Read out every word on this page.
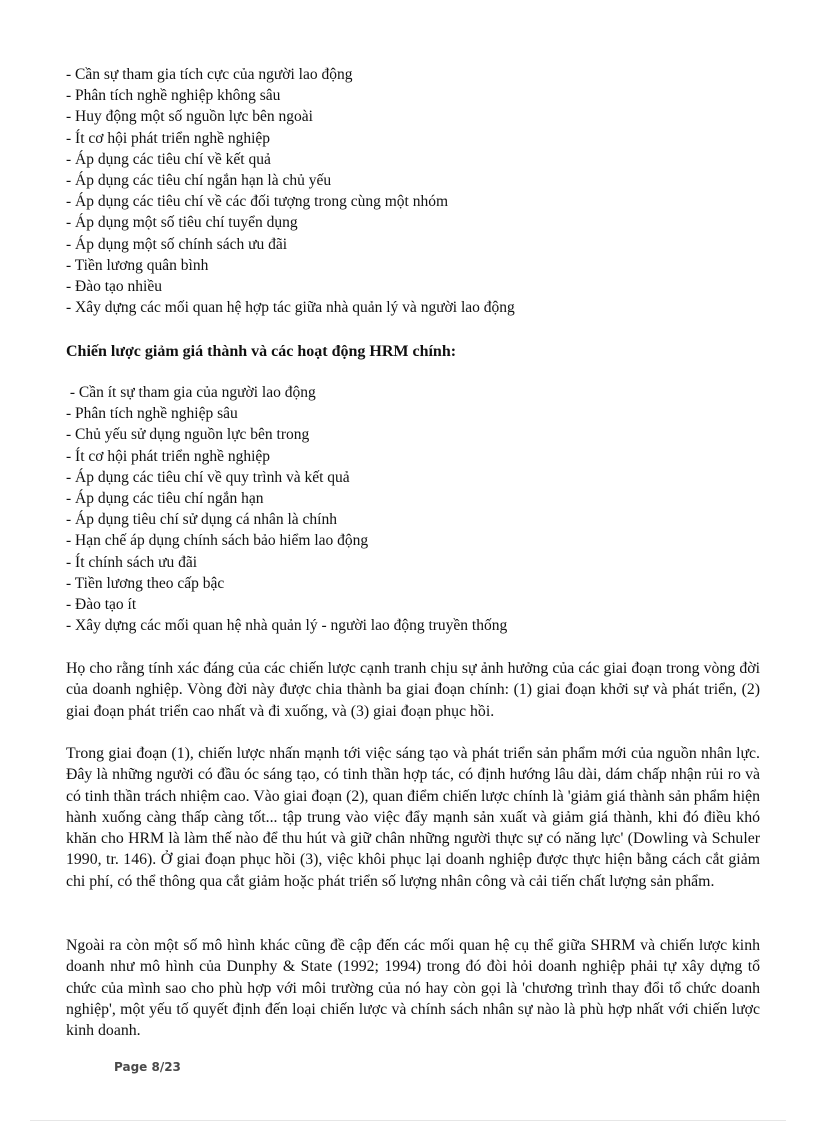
- Cần sự tham gia tích cực của người lao động
- Phân tích nghề nghiệp không sâu
- Huy động một số nguồn lực bên ngoài
- Ít cơ hội phát triển nghề nghiệp
- Áp dụng các tiêu chí về kết quả
- Áp dụng các tiêu chí ngắn hạn là chủ yếu
- Áp dụng các tiêu chí về các đối tượng trong cùng một nhóm
- Áp dụng một số tiêu chí tuyển dụng
- Áp dụng một số chính sách ưu đãi
- Tiền lương quân bình
- Đào tạo nhiều
- Xây dựng các mối quan hệ hợp tác giữa nhà quản lý và người lao động
Chiến lược giảm giá thành và các hoạt động HRM chính:
- Cần ít sự tham gia của người lao động
- Phân tích nghề nghiệp sâu
- Chủ yếu sử dụng nguồn lực bên trong
- Ít cơ hội phát triển nghề nghiệp
- Áp dụng các tiêu chí về quy trình và kết quả
- Áp dụng các tiêu chí ngắn hạn
- Áp dụng tiêu chí sử dụng cá nhân là chính
- Hạn chế áp dụng chính sách bảo hiểm lao động
- Ít chính sách ưu đãi
- Tiền lương theo cấp bậc
- Đào tạo ít
- Xây dựng các mối quan hệ nhà quản lý - người lao động truyền thống

Họ cho rằng tính xác đáng của các chiến lược cạnh tranh chịu sự ảnh hưởng của các giai đoạn trong vòng đời của doanh nghiệp. Vòng đời này được chia thành ba giai đoạn chính: (1) giai đoạn khởi sự và phát triển, (2) giai đoạn phát triển cao nhất và đi xuống, và (3) giai đoạn phục hồi.

Trong giai đoạn (1), chiến lược nhấn mạnh tới việc sáng tạo và phát triển sản phẩm mới của nguồn nhân lực. Đây là những người có đầu óc sáng tạo, có tinh thần hợp tác, có định hướng lâu dài, dám chấp nhận rủi ro và có tinh thần trách nhiệm cao. Vào giai đoạn (2), quan điểm chiến lược chính là 'giảm giá thành sản phẩm hiện hành xuống càng thấp càng tốt... tập trung vào việc đẩy mạnh sản xuất và giảm giá thành, khi đó điều khó khăn cho HRM là làm thế nào để thu hút và giữ chân những người thực sự có năng lực' (Dowling và Schuler 1990, tr. 146). Ở giai đoạn phục hồi (3), việc khôi phục lại doanh nghiệp được thực hiện bằng cách cắt giảm chi phí, có thể thông qua cắt giảm hoặc phát triển số lượng nhân công và cải tiến chất lượng sản phẩm.

Ngoài ra còn một số mô hình khác cũng đề cập đến các mối quan hệ cụ thể giữa SHRM và chiến lược kinh doanh như mô hình của Dunphy & State (1992; 1994) trong đó đòi hỏi doanh nghiệp phải tự xây dựng tổ chức của mình sao cho phù hợp với môi trường của nó hay còn gọi là 'chương trình thay đổi tổ chức doanh nghiệp', một yếu tố quyết định đến loại chiến lược và chính sách nhân sự nào là phù hợp nhất với chiến lược kinh doanh.

Page 8/23
